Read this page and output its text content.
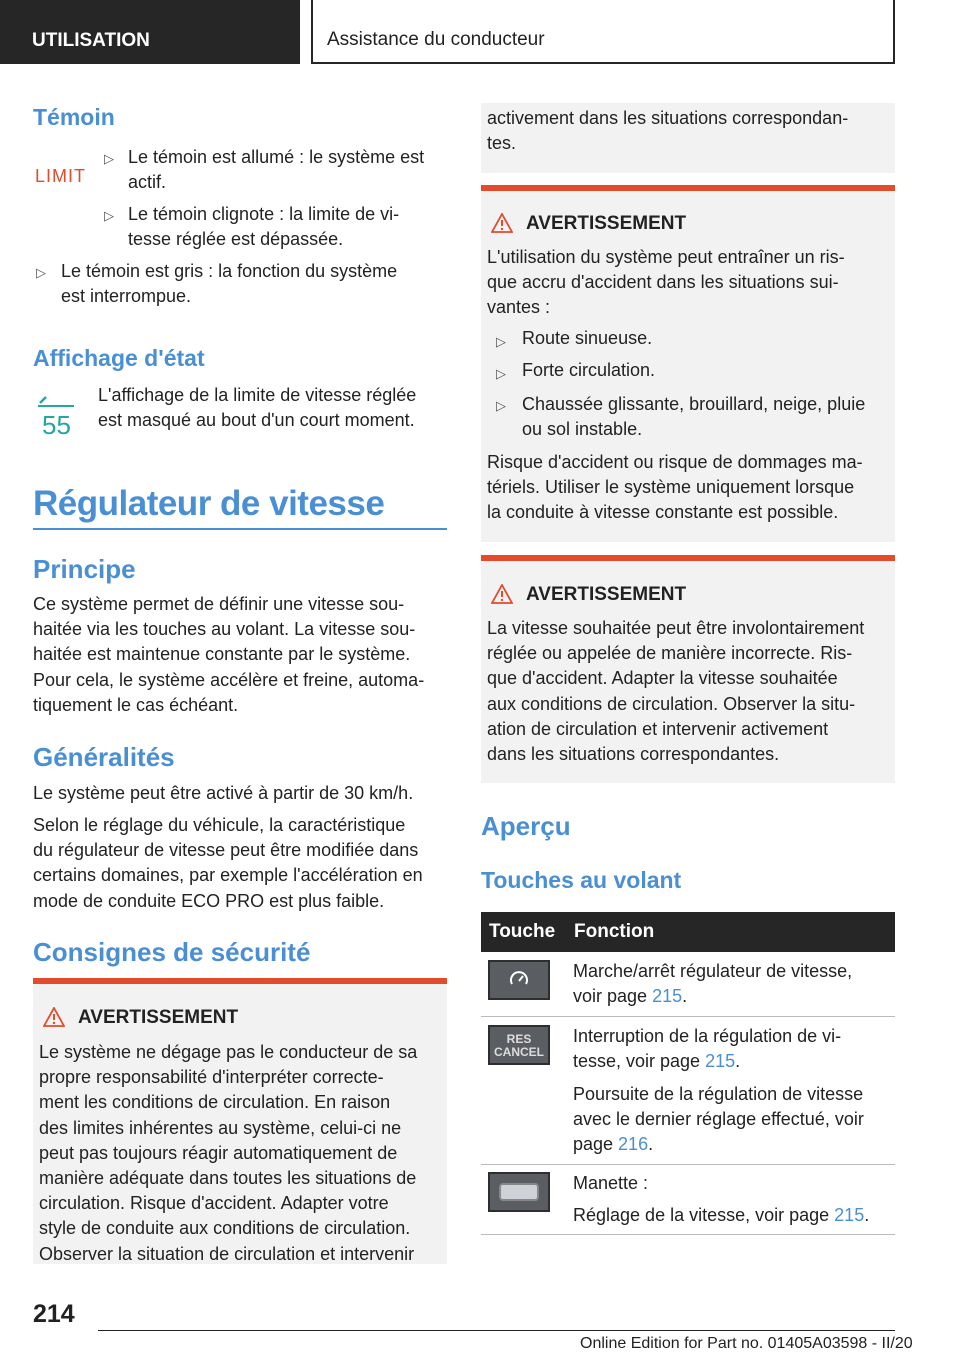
UTILISATION	Assistance du conducteur
Témoin
LIMIT
▷ Le témoin est allumé : le système est
actif.
▷ Le témoin clignote : la limite de vi-
tesse réglée est dépassée.
▷ Le témoin est gris : la fonction du système
est interrompue.
Affichage d'état
55
L'affichage de la limite de vitesse réglée
est masqué au bout d'un court moment.
Régulateur de vitesse
Principe
Ce système permet de définir une vitesse sou-
haitée via les touches au volant. La vitesse sou-
haitée est maintenue constante par le système.
Pour cela, le système accélère et freine, automa-
tiquement le cas échéant.
Généralités
Le système peut être activé à partir de 30 km/h.
Selon le réglage du véhicule, la caractéristique
du régulateur de vitesse peut être modifiée dans
certains domaines, par exemple l'accélération en
mode de conduite ECO PRO est plus faible.
Consignes de sécurité
AVERTISSEMENT
Le système ne dégage pas le conducteur de sa
propre responsabilité d'interpréter correcte-
ment les conditions de circulation. En raison
des limites inhérentes au système, celui-ci ne
peut pas toujours réagir automatiquement de
manière adéquate dans toutes les situations de
circulation. Risque d'accident. Adapter votre
style de conduite aux conditions de circulation.
Observer la situation de circulation et intervenir
activement dans les situations correspondan-
tes.
AVERTISSEMENT
L'utilisation du système peut entraîner un ris-
que accru d'accident dans les situations sui-
vantes :
▷ Route sinueuse.
▷ Forte circulation.
▷ Chaussée glissante, brouillard, neige, pluie
ou sol instable.
Risque d'accident ou risque de dommages ma-
tériels. Utiliser le système uniquement lorsque
la conduite à vitesse constante est possible.
AVERTISSEMENT
La vitesse souhaitée peut être involontairement
réglée ou appelée de manière incorrecte. Ris-
que d'accident. Adapter la vitesse souhaitée
aux conditions de circulation. Observer la situ-
ation de circulation et intervenir activement
dans les situations correspondantes.
Aperçu
Touches au volant
Touche Fonction
Marche/arrêt régulateur de vitesse,
voir page 215.
RES
CANCEL
Interruption de la régulation de vi-
tesse, voir page 215.
Poursuite de la régulation de vitesse
avec le dernier réglage effectué, voir
page 216.
Manette :
Réglage de la vitesse, voir page 215.
214
Online Edition for Part no. 01405A03598 - II/20
